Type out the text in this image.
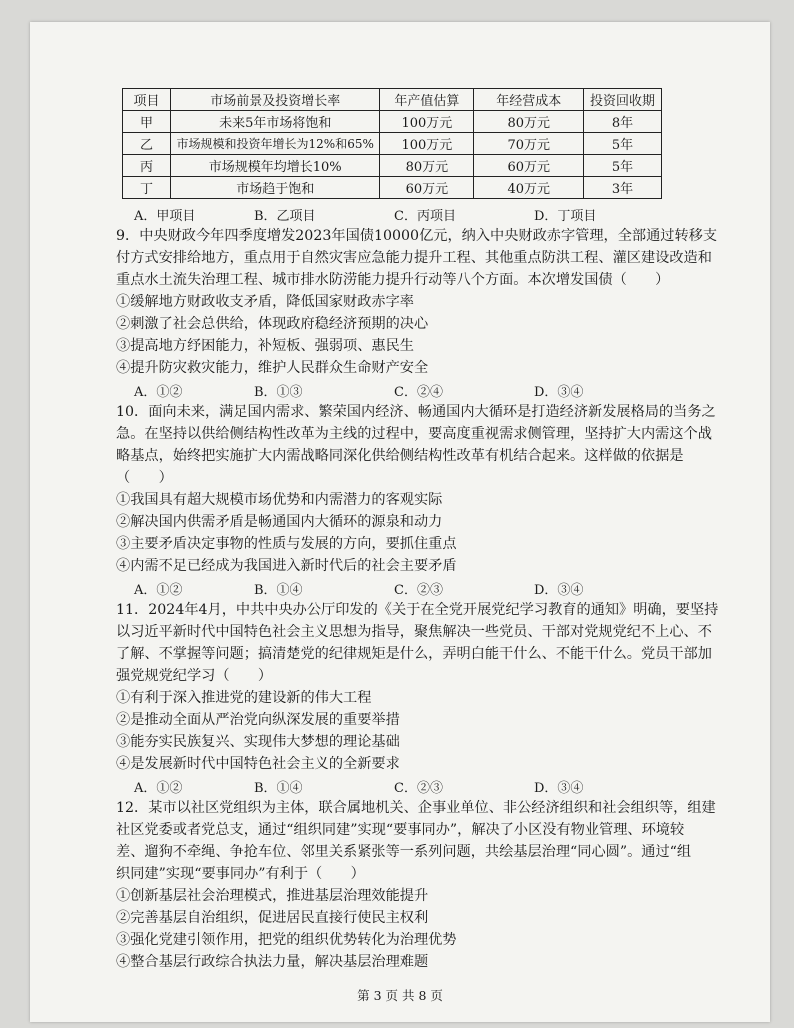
项目	市场前景及投资增长率	年产值估算	年经营成本	投资回收期
甲	未来5年市场将饱和	100万元	80万元	8年
乙	市场规模和投资年增长为12%和65%	100万元	70万元	5年
丙	市场规模年均增长10%	80万元	60万元	5年
丁	市场趋于饱和	60万元	40万元	3年
A．甲项目	B．乙项目	C．丙项目	D．丁项目
9．中央财政今年四季度增发2023年国债10000亿元，纳入中央财政赤字管理，全部通过转移支
付方式安排给地方，重点用于自然灾害应急能力提升工程、其他重点防洪工程、灌区建设改造和
重点水土流失治理工程、城市排水防涝能力提升行动等八个方面。本次增发国债（　　）
①缓解地方财政收支矛盾，降低国家财政赤字率
②刺激了社会总供给，体现政府稳经济预期的决心
③提高地方纾困能力，补短板、强弱项、惠民生
④提升防灾救灾能力，维护人民群众生命财产安全
A．①②	B．①③	C．②④	D．③④
10．面向未来，满足国内需求、繁荣国内经济、畅通国内大循环是打造经济新发展格局的当务之
急。在坚持以供给侧结构性改革为主线的过程中，要高度重视需求侧管理，坚持扩大内需这个战
略基点，始终把实施扩大内需战略同深化供给侧结构性改革有机结合起来。这样做的依据是
（　　）
①我国具有超大规模市场优势和内需潜力的客观实际
②解决国内供需矛盾是畅通国内大循环的源泉和动力
③主要矛盾决定事物的性质与发展的方向，要抓住重点
④内需不足已经成为我国进入新时代后的社会主要矛盾
A．①②	B．①④	C．②③	D．③④
11．2024年4月，中共中央办公厅印发的《关于在全党开展党纪学习教育的通知》明确，要坚持
以习近平新时代中国特色社会主义思想为指导，聚焦解决一些党员、干部对党规党纪不上心、不
了解、不掌握等问题；搞清楚党的纪律规矩是什么，弄明白能干什么、不能干什么。党员干部加
强党规党纪学习（　　）
①有利于深入推进党的建设新的伟大工程
②是推动全面从严治党向纵深发展的重要举措
③能夯实民族复兴、实现伟大梦想的理论基础
④是发展新时代中国特色社会主义的全新要求
A．①②	B．①④	C．②③	D．③④
12．某市以社区党组织为主体，联合属地机关、企事业单位、非公经济组织和社会组织等，组建
社区党委或者党总支，通过“组织同建”实现“要事同办”，解决了小区没有物业管理、环境较
差、遛狗不牵绳、争抢车位、邻里关系紧张等一系列问题，共绘基层治理“同心圆”。通过“组
织同建”实现“要事同办”有利于（　　）
①创新基层社会治理模式，推进基层治理效能提升
②完善基层自治组织，促进居民直接行使民主权利
③强化党建引领作用，把党的组织优势转化为治理优势
④整合基层行政综合执法力量，解决基层治理难题
第 3 页 共 8 页
